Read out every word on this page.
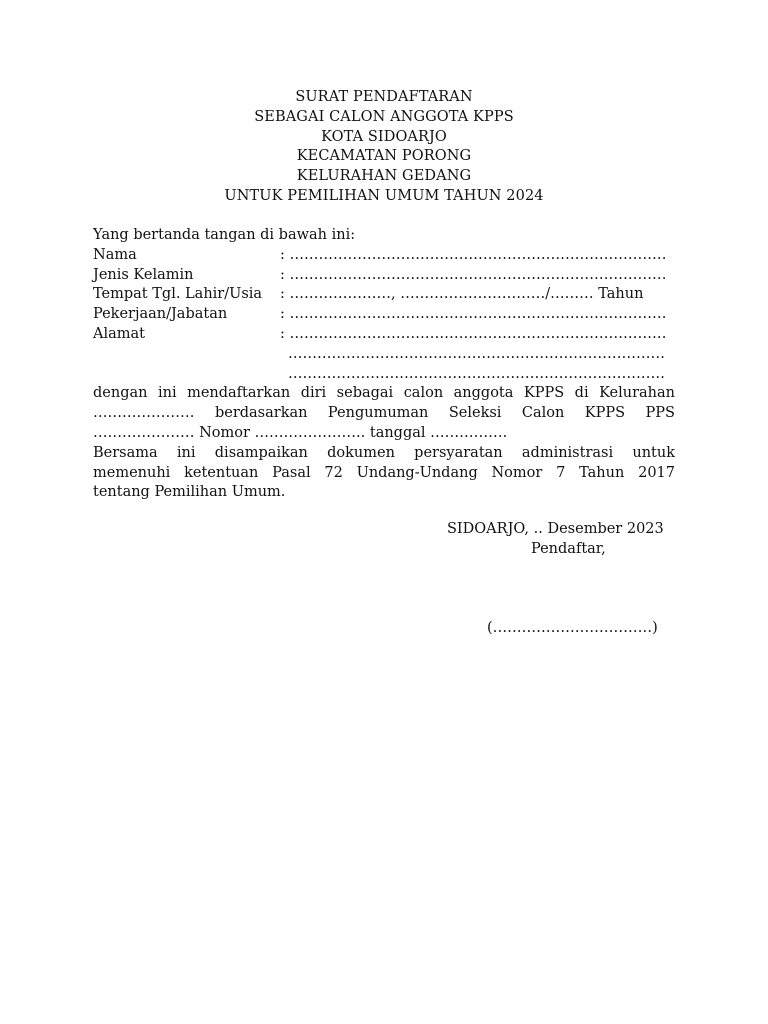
SURAT PENDAFTARAN
SEBAGAI CALON ANGGOTA KPPS
KOTA SIDOARJO
KECAMATAN PORONG
KELURAHAN GEDANG
UNTUK PEMILIHAN UMUM TAHUN 2024
Yang bertanda tangan di bawah ini:
Nama	: ……………………………………………………………………
Jenis Kelamin	: ……………………………………………………………………
Tempat Tgl. Lahir/Usia : …………………, …………………………/……… Tahun
Pekerjaan/Jabatan	: ……………………………………………………………………
Alamat	: ……………………………………………………………………
……………………………………………………………………
……………………………………………………………………
dengan ini mendaftarkan diri sebagai calon anggota KPPS di Kelurahan
………………… berdasarkan Pengumuman Seleksi Calon KPPS PPS
………………… Nomor ………………….. tanggal …………….
Bersama ini disampaikan dokumen persyaratan administrasi untuk
memenuhi ketentuan Pasal 72 Undang-Undang Nomor 7 Tahun 2017
tentang Pemilihan Umum.
SIDOARJO, .. Desember 2023
Pendaftar,
(……………………………)
